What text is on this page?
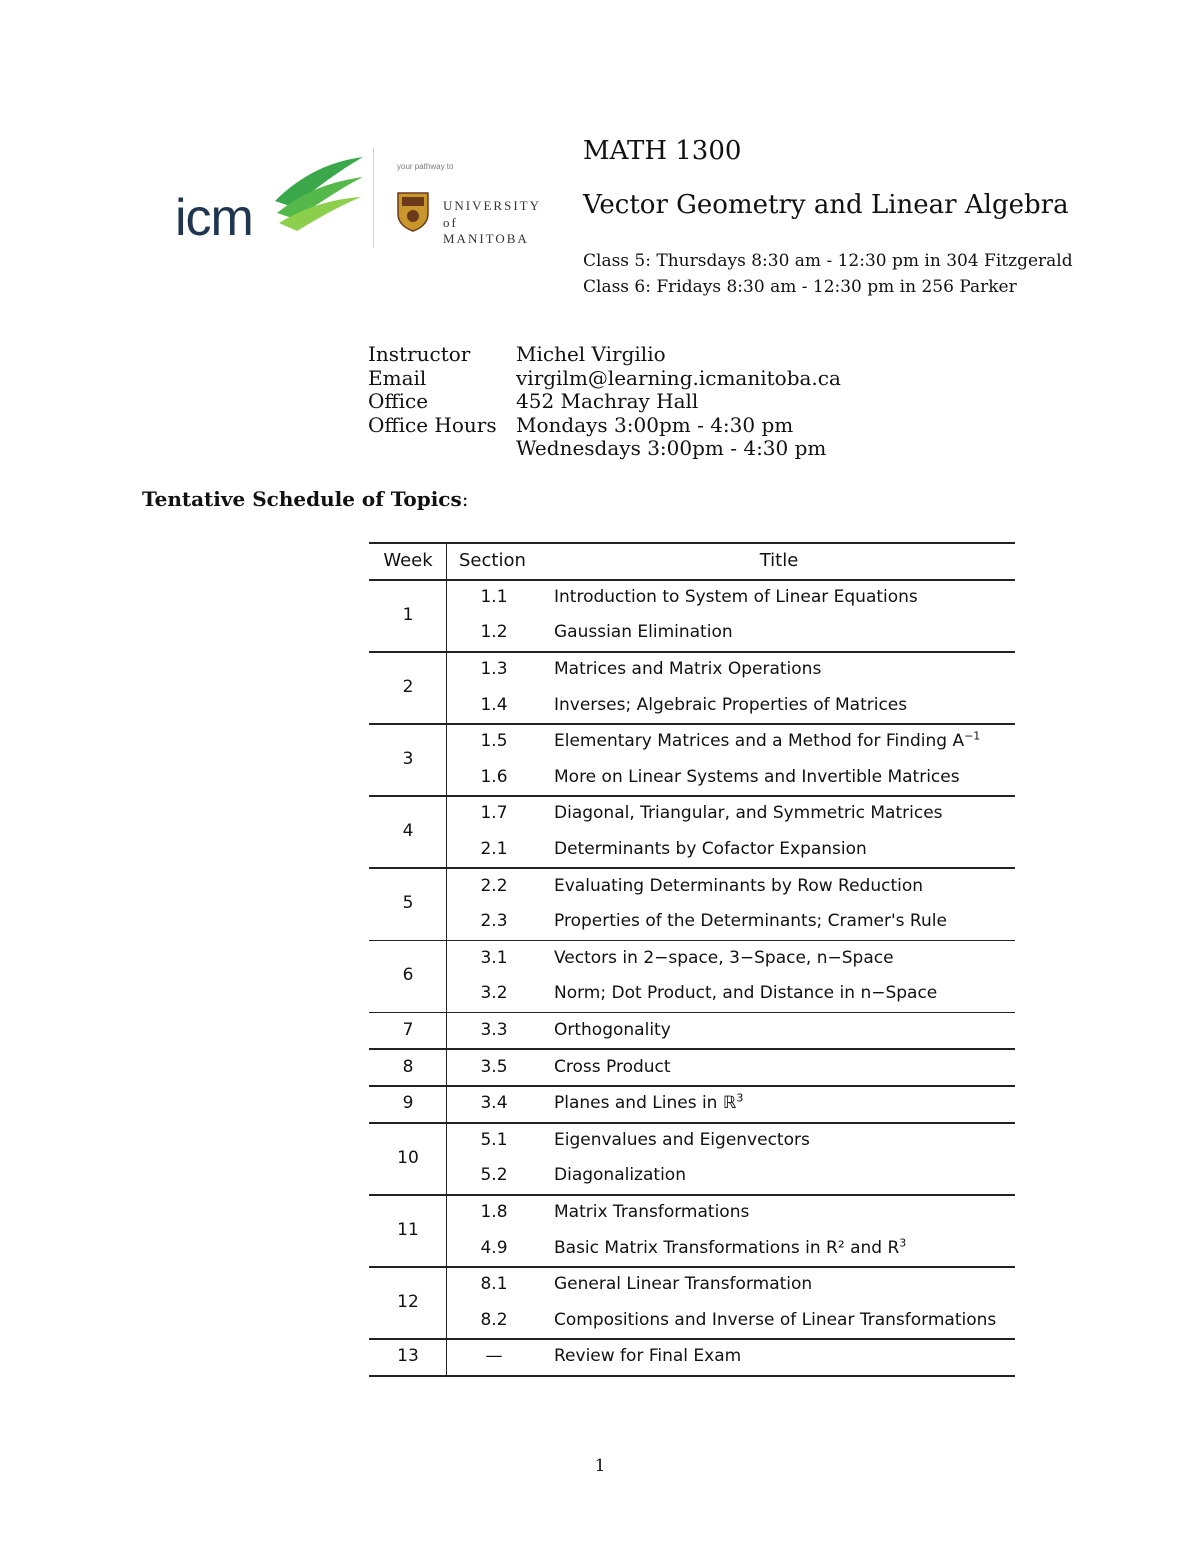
icm
your pathway to
UNIVERSITY
of MANITOBA
MATH 1300
Vector Geometry and Linear Algebra
Class 5: Thursdays 8:30 am - 12:30 pm in 304 Fitzgerald
Class 6: Fridays 8:30 am - 12:30 pm in 256 Parker
Instructor	Michel Virgilio
Email	virgilm@learning.icmanitoba.ca
Office	452 Machray Hall
Office Hours Mondays 3:00pm - 4:30 pm
Wednesdays 3:00pm - 4:30 pm
Tentative Schedule of Topics:
Week	Section	Title
1
1.1	Introduction to System of Linear Equations
1.2	Gaussian Elimination
2
1.3	Matrices and Matrix Operations
1.4	Inverses; Algebraic Properties of Matrices
3
1.5	Elementary Matrices and a Method for Finding $A^{-1}$
1.6	More on Linear Systems and Invertible Matrices
4
1.7	Diagonal, Triangular, and Symmetric Matrices
2.1	Determinants by Cofactor Expansion
5
2.2	Evaluating Determinants by Row Reduction
2.3	Properties of the Determinants; Cramer's Rule
6
3.1	Vectors in 2−space, 3−Space, n−Space
3.2	Norm; Dot Product, and Distance in n−Space
7	3.3	Orthogonality
8	3.5	Cross Product
9	3.4	Planes and Lines in ℝ$^3$
10
5.1	Eigenvalues and Eigenvectors
5.2	Diagonalization
11
1.8	Matrix Transformations
4.9	Basic Matrix Transformations in R² and $R^3$
12
8.1	General Linear Transformation
8.2	Compositions and Inverse of Linear Transformations
13	—	Review for Final Exam
1
